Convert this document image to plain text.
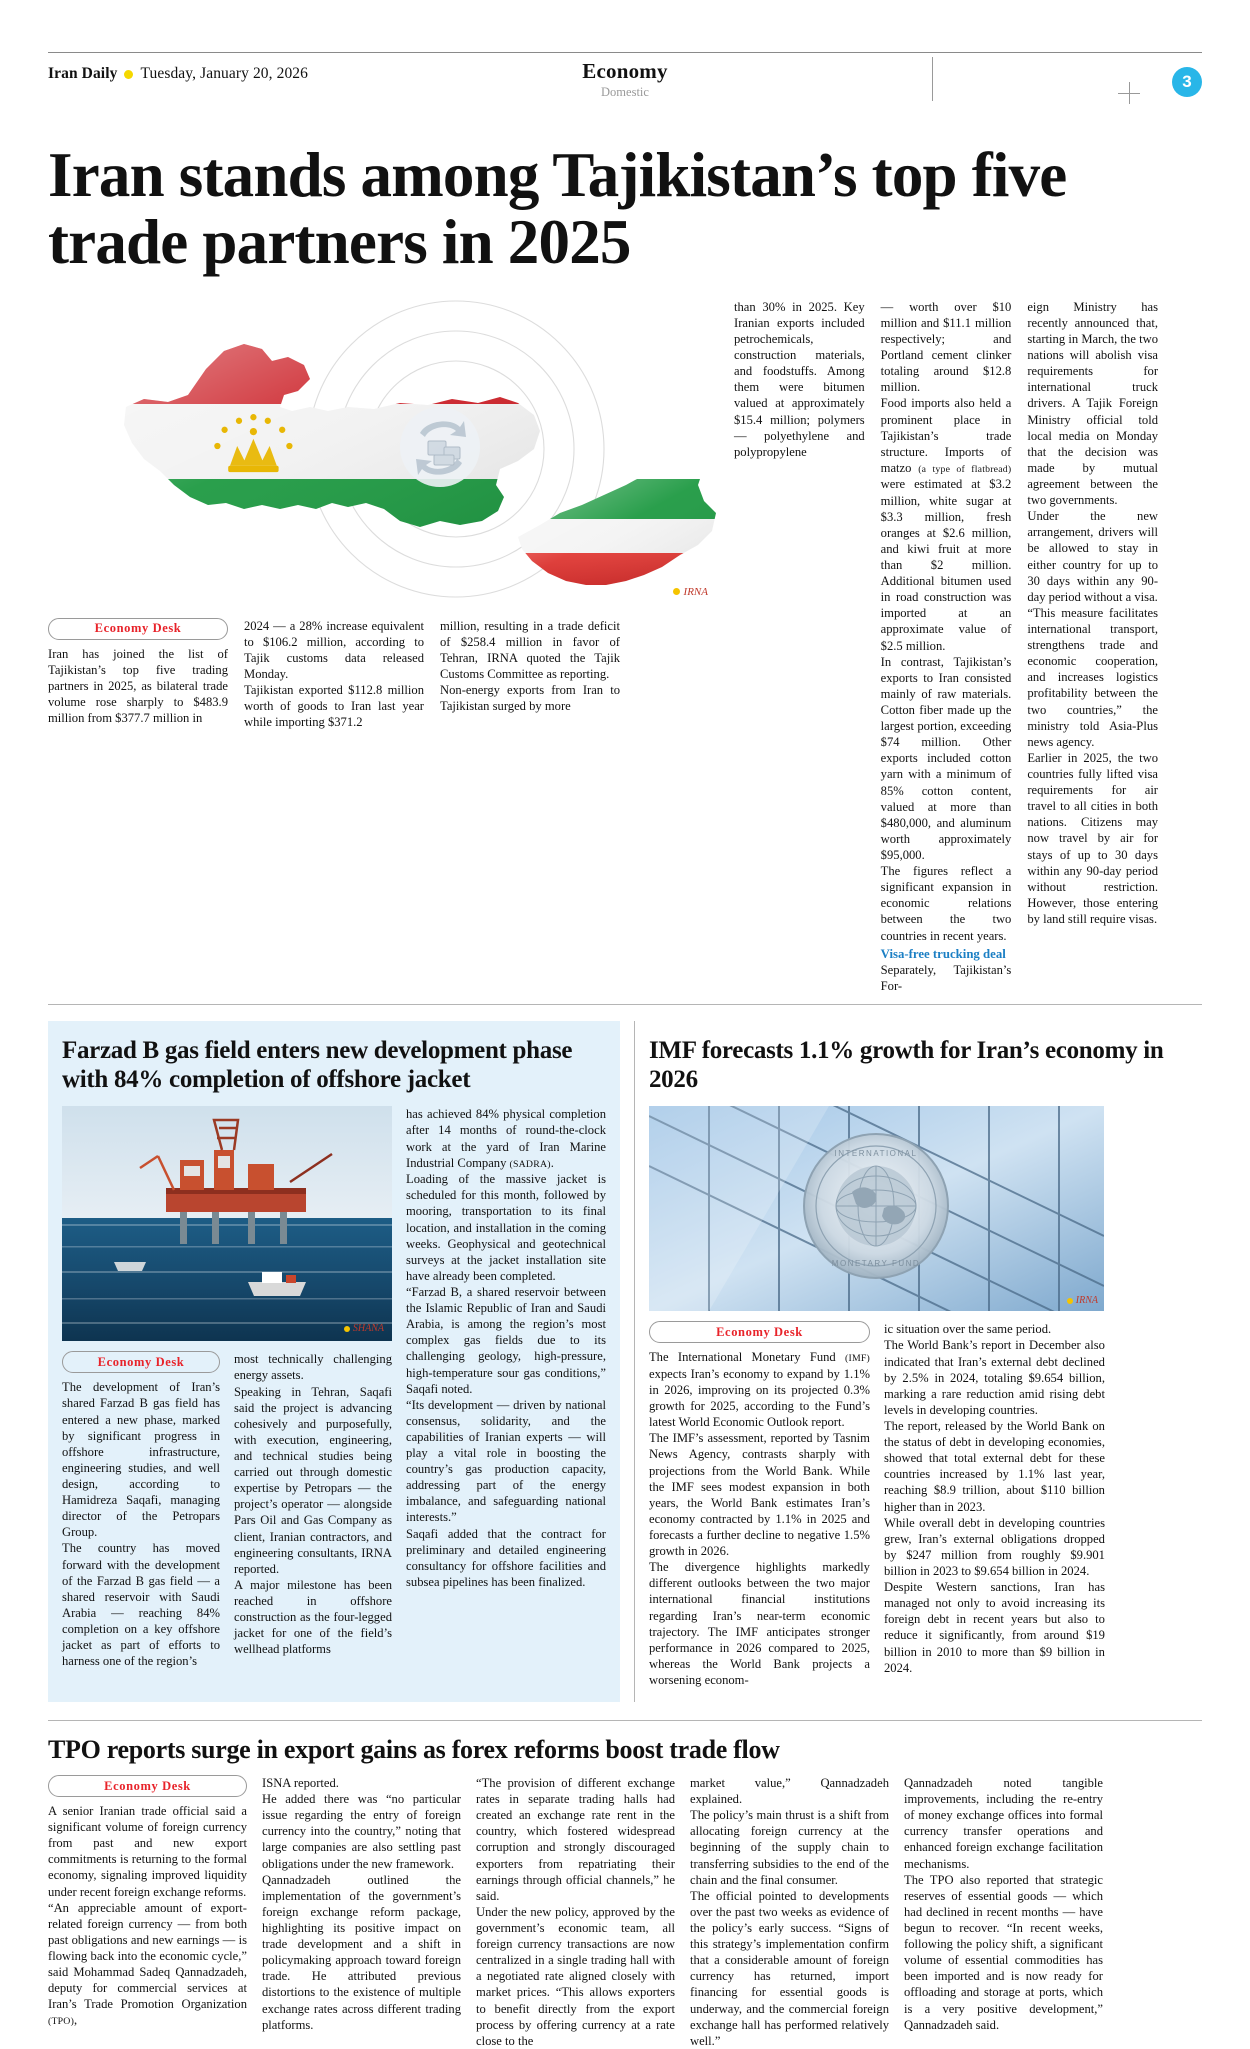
Iran Daily Tuesday, January 20, 2026	Economy
Domestic
3
Iran stands among Tajikistan’s top five trade partners in 2025
IRNA
Economy Desk

Iran has joined the list of Tajikistan’s top five trading partners in 2025, as bilateral trade volume rose sharply to $483.9 million from $377.7 million in

2024 — a 28% increase equivalent to $106.2 million, according to Tajik customs data released Monday.

Tajikistan exported $112.8 million worth of goods to Iran last year while importing $371.2

million, resulting in a trade deficit of $258.4 million in favor of Tehran, IRNA quoted the Tajik Customs Committee as reporting.

Non-energy exports from Iran to Tajikistan surged by more

than 30% in 2025. Key Iranian exports included petrochemicals, construction materials, and foodstuffs. Among them were bitumen valued at approximately $15.4 million; polymers — polyethylene and polypropylene

— worth over $10 million and $11.1 million respectively; and Portland cement clinker totaling around $12.8 million.

Food imports also held a prominent place in Tajikistan’s trade structure. Imports of matzo (a type of flatbread) were estimated at $3.2 million, white sugar at $3.3 million, fresh oranges at $2.6 million, and kiwi fruit at more than $2 million. Additional bitumen used in road construction was imported at an approximate value of $2.5 million.

In contrast, Tajikistan’s exports to Iran consisted mainly of raw materials. Cotton fiber made up the largest portion, exceeding $74 million. Other exports included cotton yarn with a minimum of 85% cotton content, valued at more than $480,000, and aluminum worth approximately $95,000.

The figures reflect a significant expansion in economic relations between the two countries in recent years.

Visa-free trucking deal

Separately, Tajikistan’s For-

eign Ministry has recently announced that, starting in March, the two nations will abolish visa requirements for international truck drivers. A Tajik Foreign Ministry official told local media on Monday that the decision was made by mutual agreement between the two governments.

Under the new arrangement, drivers will be allowed to stay in either country for up to 30 days within any 90-day period without a visa.

“This measure facilitates international transport, strengthens trade and economic cooperation, and increases logistics profitability between the two countries,” the ministry told Asia-Plus news agency.

Earlier in 2025, the two countries fully lifted visa requirements for air travel to all cities in both nations. Citizens may now travel by air for stays of up to 30 days within any 90-day period without restriction. However, those entering by land still require visas.

Farzad B gas field enters new development phase with 84% completion of offshore jacket
SHANA
Economy Desk

The development of Iran’s shared Farzad B gas field has entered a new phase, marked by significant progress in offshore infrastructure, engineering studies, and well design, according to Hamidreza Saqafi, managing director of the Petropars Group.

The country has moved forward with the development of the Farzad B gas field — a shared reservoir with Saudi Arabia — reaching 84% completion on a key offshore jacket as part of efforts to harness one of the region’s

most technically challenging energy assets.

Speaking in Tehran, Saqafi said the project is advancing cohesively and purposefully, with execution, engineering, and technical studies being carried out through domestic expertise by Petropars — the project’s operator — alongside Pars Oil and Gas Company as client, Iranian contractors, and engineering consultants, IRNA reported.

A major milestone has been reached in offshore construction as the four-legged jacket for one of the field’s wellhead platforms

has achieved 84% physical completion after 14 months of round-the-clock work at the yard of Iran Marine Industrial Company (SADRA).

Loading of the massive jacket is scheduled for this month, followed by mooring, transportation to its final location, and installation in the coming weeks. Geophysical and geotechnical surveys at the jacket installation site have already been completed.

“Farzad B, a shared reservoir between the Islamic Republic of Iran and Saudi Arabia, is among the region’s most complex gas fields due to its challenging geology, high-pressure, high-temperature sour gas conditions,” Saqafi noted.

“Its development — driven by national consensus, solidarity, and the capabilities of Iranian experts — will play a vital role in boosting the country’s gas production capacity, addressing part of the energy imbalance, and safeguarding national interests.”

Saqafi added that the contract for preliminary and detailed engineering consultancy for offshore facilities and subsea pipelines has been finalized.

IMF forecasts 1.1% growth for Iran’s economy in 2026
INTERNATIONAL
MONETARY FUND
IRNA
Economy Desk

The International Monetary Fund (IMF) expects Iran’s economy to expand by 1.1% in 2026, improving on its projected 0.3% growth for 2025, according to the Fund’s latest World Economic Outlook report.

The IMF’s assessment, reported by Tasnim News Agency, contrasts sharply with projections from the World Bank. While the IMF sees modest expansion in both years, the World Bank estimates Iran’s economy contracted by 1.1% in 2025 and forecasts a further decline to negative 1.5% growth in 2026.

The divergence highlights markedly different outlooks between the two major international financial institutions regarding Iran’s near-term economic trajectory. The IMF anticipates stronger performance in 2026 compared to 2025, whereas the World Bank projects a worsening econom-

ic situation over the same period.

The World Bank’s report in December also indicated that Iran’s external debt declined by 2.5% in 2024, totaling $9.654 billion, marking a rare reduction amid rising debt levels in developing countries.

The report, released by the World Bank on the status of debt in developing economies, showed that total external debt for these countries increased by 1.1% last year, reaching $8.9 trillion, about $110 billion higher than in 2023.

While overall debt in developing countries grew, Iran’s external obligations dropped by $247 million from roughly $9.901 billion in 2023 to $9.654 billion in 2024.

Despite Western sanctions, Iran has managed not only to avoid increasing its foreign debt in recent years but also to reduce it significantly, from around $19 billion in 2010 to more than $9 billion in 2024.

TPO reports surge in export gains as forex reforms boost trade flow
Economy Desk

A senior Iranian trade official said a significant volume of foreign currency from past and new export commitments is returning to the formal economy, signaling improved liquidity under recent foreign exchange reforms.

“An appreciable amount of export-related foreign currency — from both past obligations and new earnings — is flowing back into the economic cycle,” said Mohammad Sadeq Qannadzadeh, deputy for commercial services at Iran’s Trade Promotion Organization (TPO),

ISNA reported.

He added there was “no particular issue regarding the entry of foreign currency into the country,” noting that large companies are also settling past obligations under the new framework.

Qannadzadeh outlined the implementation of the government’s foreign exchange reform package, highlighting its positive impact on trade development and a shift in policymaking approach toward foreign trade. He attributed previous distortions to the existence of multiple exchange rates across different trading platforms.

“The provision of different exchange rates in separate trading halls had created an exchange rate rent in the country, which fostered widespread corruption and strongly discouraged exporters from repatriating their earnings through official channels,” he said.

Under the new policy, approved by the government’s economic team, all foreign currency transactions are now centralized in a single trading hall with a negotiated rate aligned closely with market prices. “This allows exporters to benefit directly from the export process by offering currency at a rate close to the

market value,” Qannadzadeh explained.

The policy’s main thrust is a shift from allocating foreign currency at the beginning of the supply chain to transferring subsidies to the end of the chain and the final consumer.

The official pointed to developments over the past two weeks as evidence of the policy’s early success. “Signs of this strategy’s implementation confirm that a considerable amount of foreign currency has returned, import financing for essential goods is underway, and the commercial foreign exchange hall has performed relatively well.”

Qannadzadeh noted tangible improvements, including the re-entry of money exchange offices into formal currency transfer operations and enhanced foreign exchange facilitation mechanisms.

The TPO also reported that strategic reserves of essential goods — which had declined in recent months — have begun to recover. “In recent weeks, following the policy shift, a significant volume of essential commodities has been imported and is now ready for offloading and storage at ports, which is a very positive development,” Qannadzadeh said.
